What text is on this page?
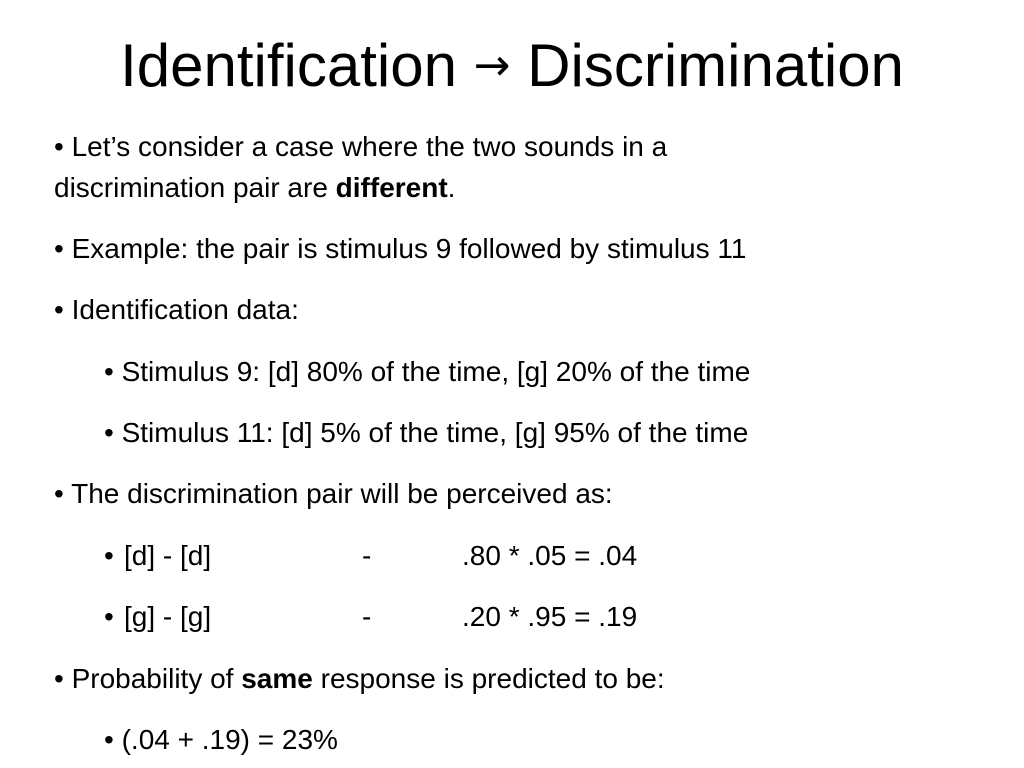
Identification → Discrimination
• Let’s consider a case where the two sounds in a
discrimination pair are different.
• Example: the pair is stimulus 9 followed by stimulus 11
• Identification data:
• Stimulus 9: [d] 80% of the time, [g] 20% of the time
• Stimulus 11: [d] 5% of the time, [g] 95% of the time
• The discrimination pair will be perceived as:
• [d] - [d]	-	.80 * .05 = .04
• [g] - [g]	-	.20 * .95 = .19
• Probability of same response is predicted to be:
• (.04 + .19) = 23%
